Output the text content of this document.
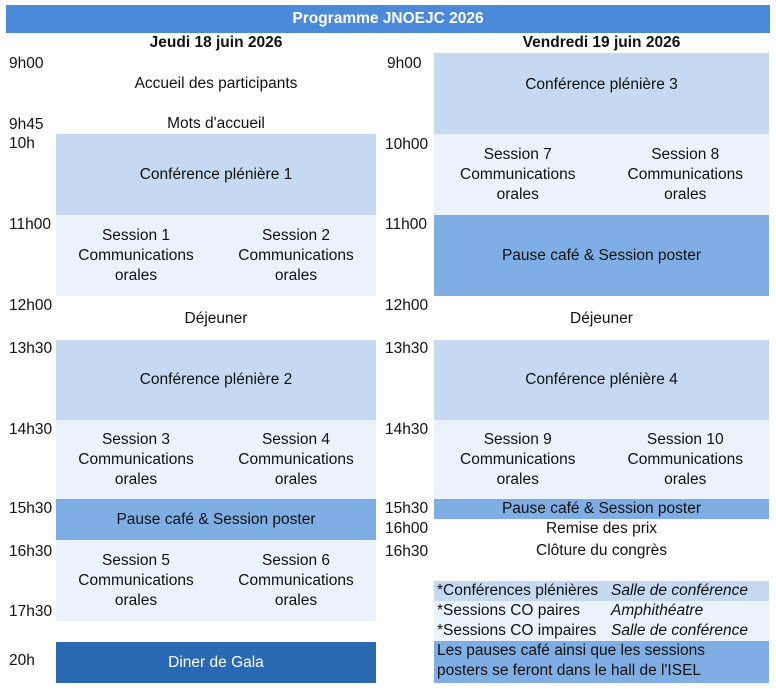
Programme JNOEJC 2026
Jeudi 18 juin 2026
9h00
9h45
10h
11h00
12h00
13h30
14h30
15h30
16h30
17h30
20h
Accueil des participants
Mots d'accueil
Conférence plénière 1
Session 1
Communications
orales
Session 2
Communications
orales
Déjeuner
Conférence plénière 2
Session 3
Communications
orales
Session 4
Communications
orales
Pause café & Session poster
Session 5
Communications
orales
Session 6
Communications
orales
Diner de Gala
Vendredi 19 juin 2026
9h00
10h00
11h00
12h00
13h30
14h30
15h30
16h00
16h30
Conférence plénière 3
Session 7
Communications
orales
Session 8
Communications
orales
Pause café & Session poster
Déjeuner
Conférence plénière 4
Session 9
Communications
orales
Session 10
Communications
orales
Pause café & Session poster
Remise des prix
Clôture du congrès
*Conférences plénières Salle de conférence
*Sessions CO paires	Amphithéatre
*Sessions CO impaires Salle de conférence
Les pauses café ainsi que les sessions
posters se feront dans le hall de l'ISEL
